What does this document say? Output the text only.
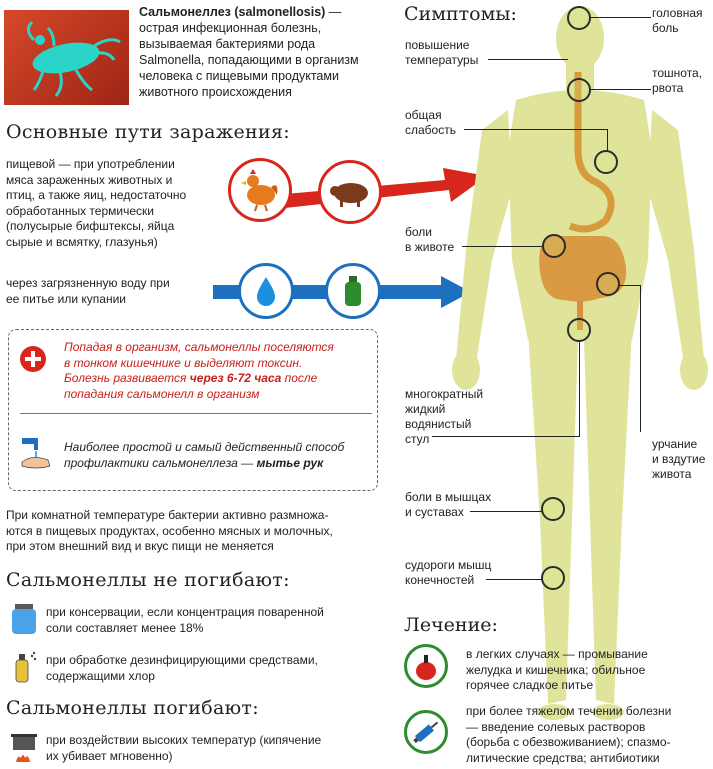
Сальмонеллез (salmonellosis) —
острая инфекционная болезнь,
вызываемая бактериями рода
Salmonella, попадающими в организм
человека с пищевыми продуктами
животного происхождения
Основные пути заражения:
пищевой — при употреблении
мяса зараженных животных и
птиц, а также яиц, недостаточно
обработанных термически
(полусырые бифштексы, яйца
сырые и всмятку, глазунья)
через загрязненную воду при
ее питье или купании
Попадая в организм, сальмонеллы поселяются
в тонком кишечнике и выделяют токсин.
Болезнь развивается через 6-72 часа после
попадания сальмонелл в организм
Наиболее простой и самый действенный способ
профилактики сальмонеллеза — мытье рук
При комнатной температуре бактерии активно размножа-
ются в пищевых продуктах, особенно мясных и молочных,
при этом внешний вид и вкус пищи не меняется
Сальмонеллы не погибают:
при консервации, если концентрация поваренной
соли составляет менее 18%
при обработке дезинфицирующими средствами,
содержащими хлор
Сальмонеллы погибают:
при воздействии высоких температур (кипячение
их убивает мгновенно)
Симптомы:
повышение
температуры
общая
слабость
боли
в животе
многократный
жидкий
водянистый
стул
боли в мышцах
и суставах
судороги мышц
конечностей
головная
боль
тошнота,
рвота
урчание
и вздутие
живота
Лечение:
в легких случаях — промывание
желудка и кишечника; обильное
горячее сладкое питье
при более тяжелом течении болезни
— введение солевых растворов
(борьба с обезвоживанием); спазмо-
литические средства; антибиотики
